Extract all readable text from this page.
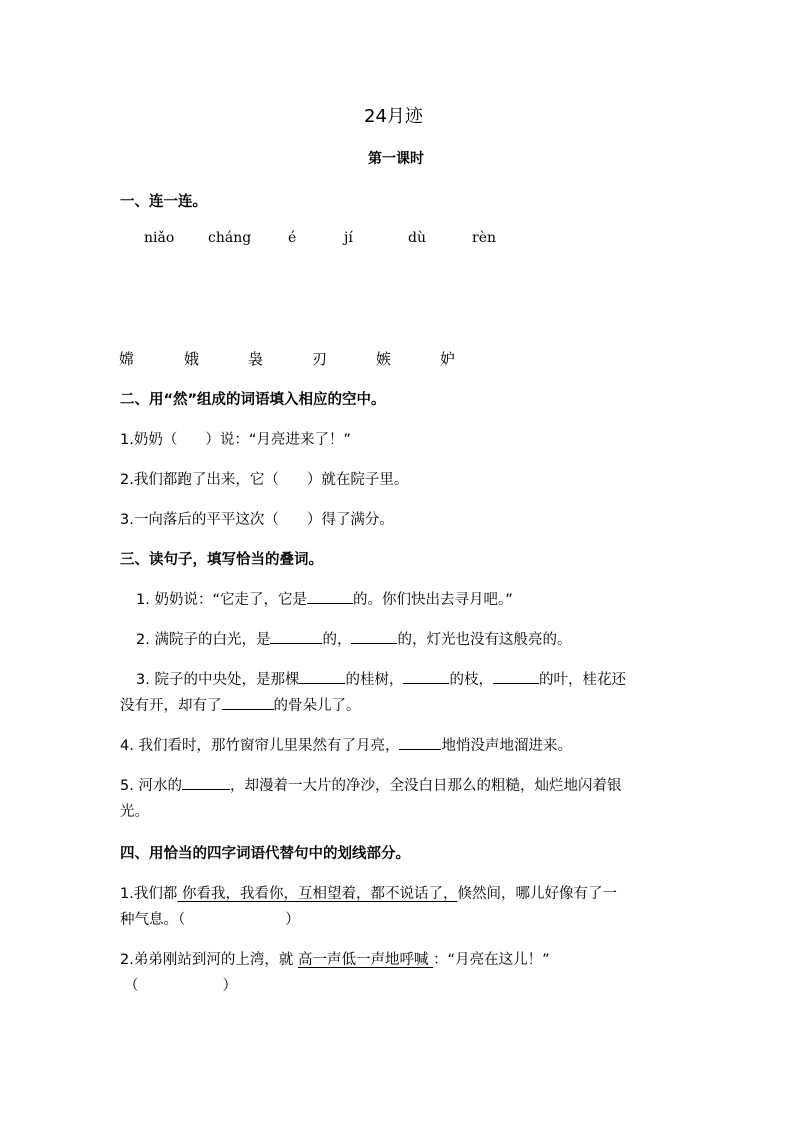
24月迹
第一课时
一、连一连。
niǎo cháng	é	jí	dù	rèn
嫦	娥	袅	刃	嫉	妒
二、用“然”组成的词语填入相应的空中。
1.奶奶（ ）说：“月亮进来了！”
2.我们都跑了出来，它（ ）就在院子里。
3.一向落后的平平这次（ ）得了满分。
三、读句子，填写恰当的叠词。
1. 奶奶说：“它走了，它是	的。你们快出去寻月吧。”
2. 满院子的白光，是	的，	的，灯光也没有这般亮的。
3. 院子的中央处，是那棵	的桂树，	的枝，	的叶，桂花还
没有开，却有了	的骨朵儿了。
4. 我们看时，那竹窗帘儿里果然有了月亮，	地悄没声地溜进来。
5. 河水的	，却漫着一大片的净沙，全没白日那么的粗糙，灿烂地闪着银
光。
四、用恰当的四字词语代替句中的划线部分。
1.我们都 你看我，我看你，互相望着，都不说话了，倏然间，哪儿好像有了一
种气息。（	）
2.弟弟刚站到河的上湾，就 高一声低一声地呼喊 ：“月亮在这儿！”
（	）
